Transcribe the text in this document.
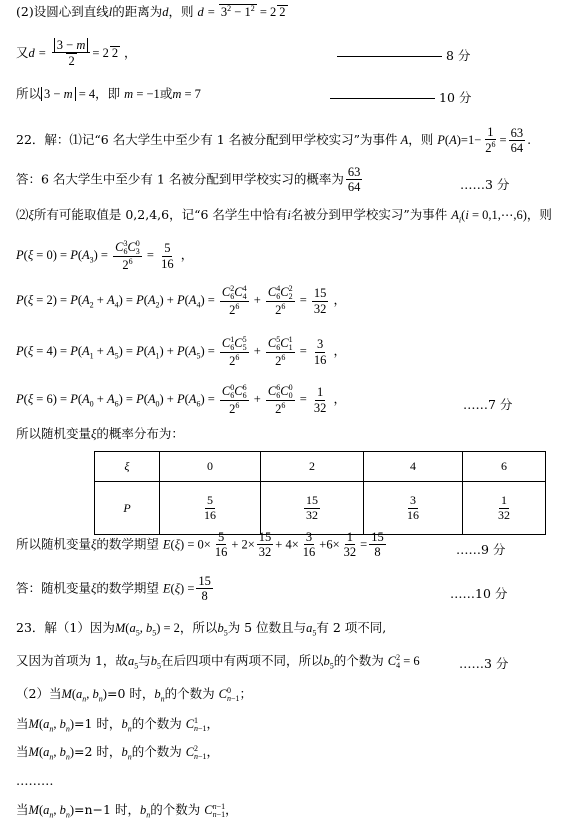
(2)设圆心到直线l的距离为d，则 $d = 3^2 - 1^2 = 2$ 2
又$d = \frac{3 - m}{2} = 2$ 2 ，	8 分
所以 3 − m = 4，即 m = −1或m = 7	10 分
22．解：⑴记“6 名大学生中至少有 1 名被分配到甲学校实习”为事件 A，则 $P(A)=1- \frac{1}{2^6} = \frac{63}{64}$ .
答：6 名大学生中至少有 1 名被分配到甲学校实习的概率为 $\frac{63}{64}$	……3 分
⑵ξ所有可能取值是 0,2,4,6，记“6 名学生中恰有i名被分到甲学校实习”为事件 $A_i(i$ = 0,1,⋯,6)，则
$P(\xi = 0) = P(A_3) = C$ 3
6 C 0
3
$2^6 = \frac{5}{16}$ ，
$P(\xi = 2) = P(A_2 + A_4) = P(A_2) + P(A_4) = C$ 2
6 C 4
4
$2^6 + C$ 4
6 C 2
2
$2^6 = \frac{15}{32}$ ，
$P(\xi = 4) = P(A_1 + A_5) = P(A_1) + P(A_5) = C$ 1
6 C 5
5
$2^6 + C$ 5
6 C 1
1
$2^6 = \frac{3}{16}$ ，
$P(\xi = 6) = P(A_0 + A_6) = P(A_0) + P(A_6) = C$ 0
6 C 6
6
$2^6 + C$ 6
6 C 0
0
$2^6 = \frac{1}{32}$ ，	……7 分
所以随机变量ξ的概率分布为：
ξ	0	2	4	6
P	$\frac{5}{16}$	$\frac{15}{32}$	$\frac{3}{16}$	$\frac{1}{32}$
所以随机变量ξ的数学期望 $E(\xi) = 0\times \frac{5}{16} + 2\times \frac{15}{32} + 4\times \frac{3}{16} +6\times \frac{1}{32} = \frac{15}{8}$	……9 分
答：随机变量ξ的数学期望 $E(\xi) = \frac{15}{8}$	……10 分
23．解（1）因为$M(a_5$, $b_5) = 2$，所以$b_5$为 5 位数且与$a_5$有 2 项不同,
又因为首项为 1，故$a_5$与$b_5$在后四项中有两项不同，所以$b_5$的个数为 C 2
4 = 6	……3 分
（2）当$M(a_n$, $b_n)=0$ 时，$b_n$的个数为 C 0
n−1 ；
当$M(a_n$, $b_n)=1$ 时，$b_n$的个数为 C 1
n−1 ，
当$M(a_n$, $b_n)=2$ 时，$b_n$的个数为 C 2
n−1 ，
………
当$M(a_n$, $b_n)=n-1$ 时，$b_n$的个数为 C n−1
n−1 ，
